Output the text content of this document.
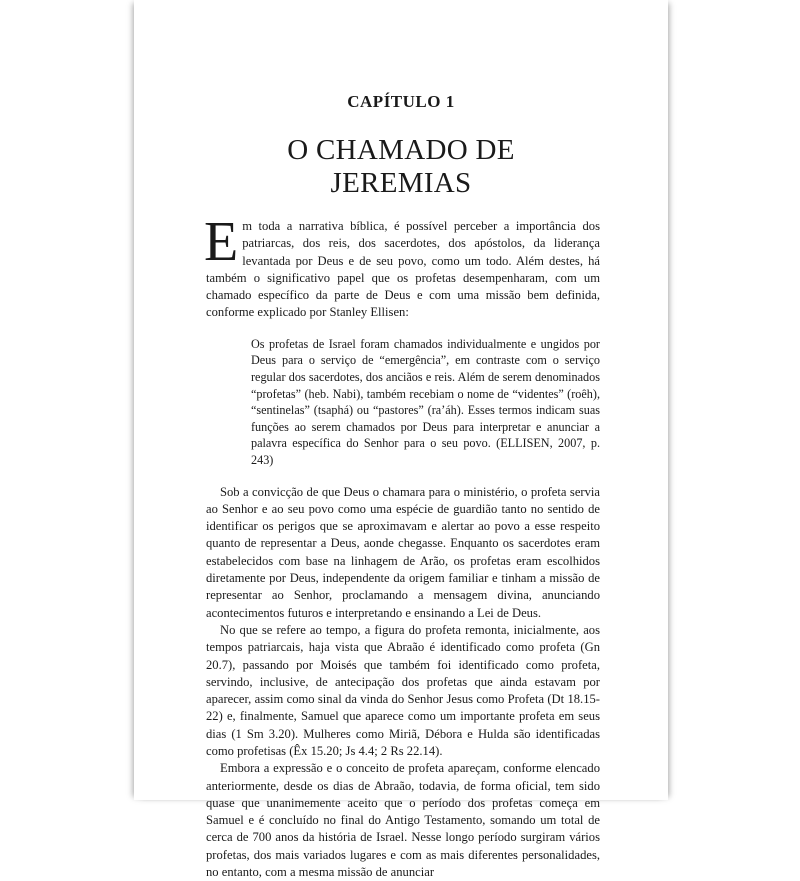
CAPÍTULO 1
O CHAMADO DE
JEREMIAS

E m toda a narrativa bíblica, é possível perceber a importância dos patriarcas, dos reis, dos sacerdotes, dos apóstolos, da liderança levantada por Deus e de seu povo, como um todo. Além destes, há também o significativo papel que os profetas desempenharam, com um chamado específico da parte de Deus e com uma missão bem definida, conforme explicado por Stanley Ellisen:

Os profetas de Israel foram chamados individualmente e ungidos por Deus para o serviço de “emergência”, em contraste com o serviço regular dos sacerdotes, dos anciãos e reis. Além de serem denominados “profetas” (heb. Nabi), também recebiam o nome de “videntes” (roêh), “sentinelas” (tsaphá) ou “pastores” (ra’áh). Esses termos indicam suas funções ao serem chamados por Deus para interpretar e anunciar a palavra específica do Senhor para o seu povo. (ELLISEN, 2007, p. 243)

Sob a convicção de que Deus o chamara para o ministério, o profeta servia ao Senhor e ao seu povo como uma espécie de guardião tanto no sentido de identificar os perigos que se aproximavam e alertar ao povo a esse respeito quanto de representar a Deus, aonde chegasse. Enquanto os sacerdotes eram estabelecidos com base na linhagem de Arão, os profetas eram escolhidos diretamente por Deus, independente da origem familiar e tinham a missão de representar ao Senhor, proclamando a mensagem divina, anunciando acontecimentos futuros e interpretando e ensinando a Lei de Deus.

No que se refere ao tempo, a figura do profeta remonta, inicialmente, aos tempos patriarcais, haja vista que Abraão é identificado como profeta (Gn 20.7), passando por Moisés que também foi identificado como profeta, servindo, inclusive, de antecipação dos profetas que ainda estavam por aparecer, assim como sinal da vinda do Senhor Jesus como Profeta (Dt 18.15-22) e, finalmente, Samuel que aparece como um importante profeta em seus dias (1 Sm 3.20). Mulheres como Miriã, Débora e Hulda são identificadas como profetisas (Êx 15.20; Js 4.4; 2 Rs 22.14).

Embora a expressão e o conceito de profeta apareçam, conforme elencado anteriormente, desde os dias de Abraão, todavia, de forma oficial, tem sido quase que unanimemente aceito que o período dos profetas começa em Samuel e é concluído no final do Antigo Testamento, somando um total de cerca de 700 anos da história de Israel. Nesse longo período surgiram vários profetas, dos mais variados lugares e com as mais diferentes personalidades, no entanto, com a mesma missão de anunciar
